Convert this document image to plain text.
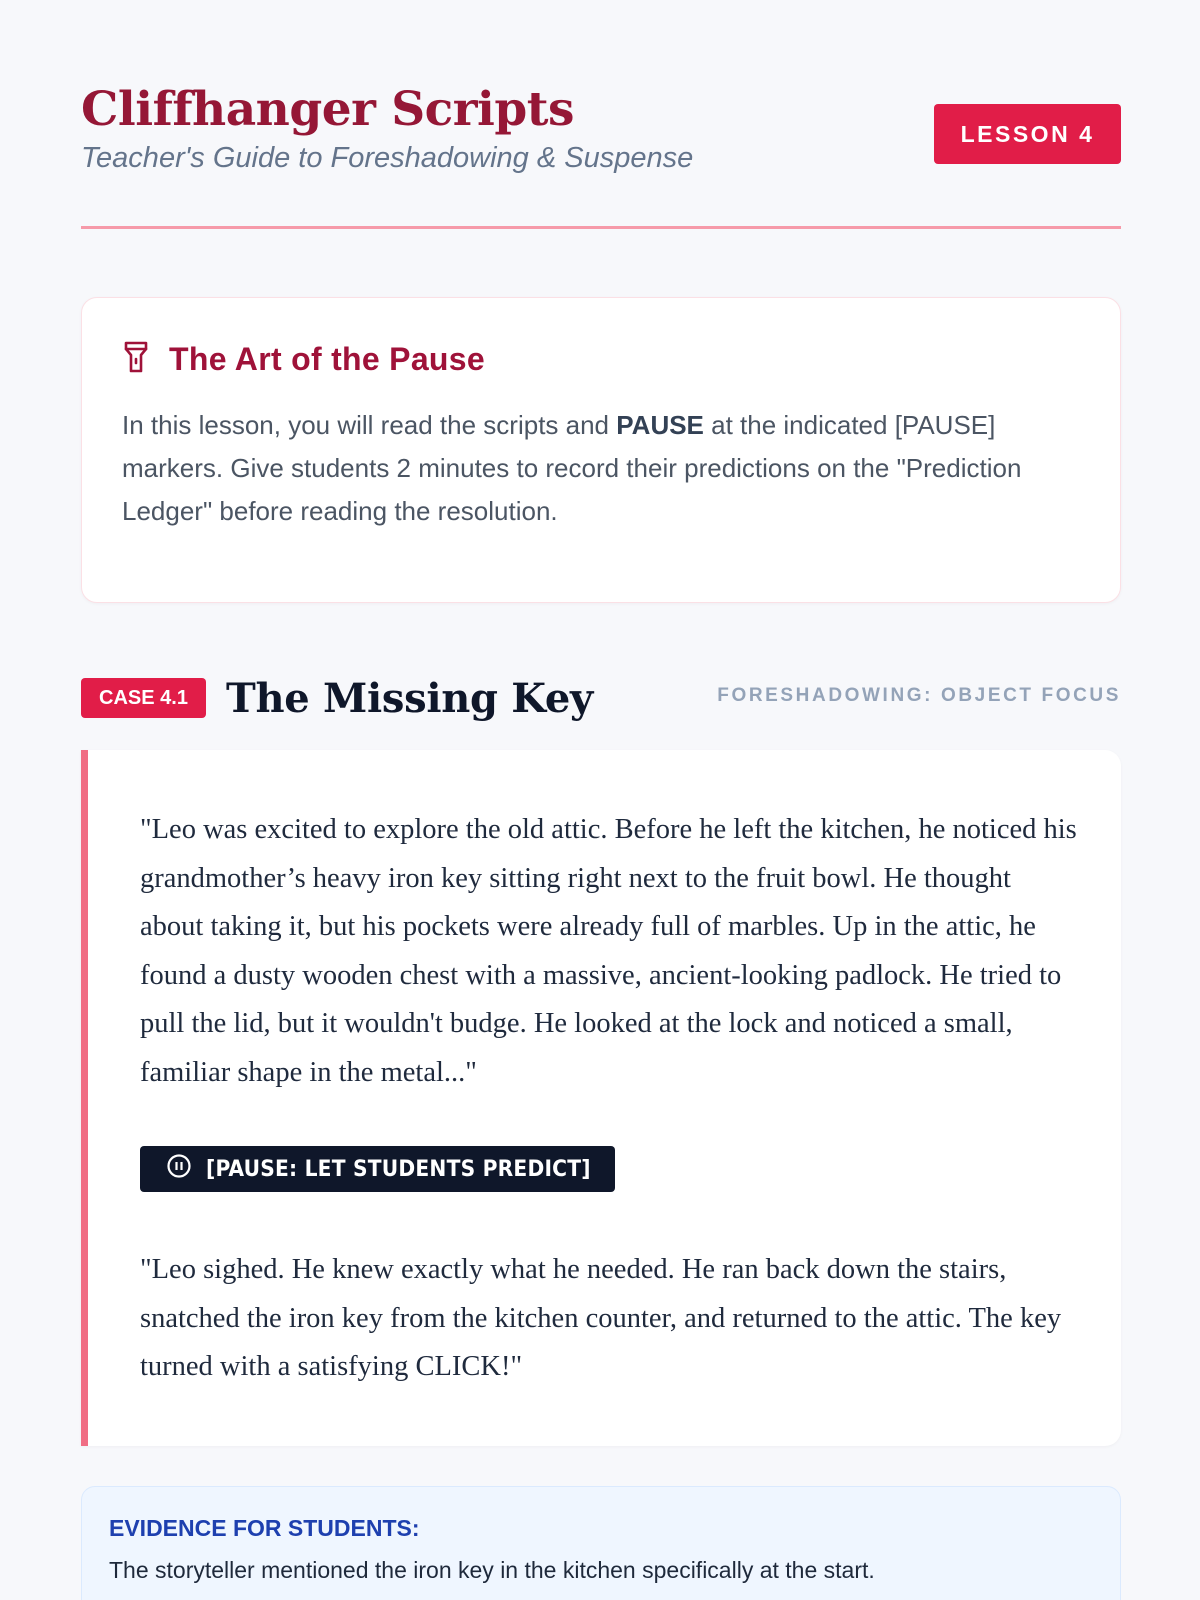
Cliffhanger Scripts
Teacher's Guide to Foreshadowing & Suspense
LESSON 4
The Art of the Pause

In this lesson, you will read the scripts and PAUSE at the indicated [PAUSE] markers. Give students 2 minutes to record their predictions on the "Prediction Ledger" before reading the resolution.

CASE 4.1 The Missing Key	FORESHADOWING: OBJECT FOCUS

"Leo was excited to explore the old attic. Before he left the kitchen, he noticed his grandmother’s heavy iron key sitting right next to the fruit bowl. He thought about taking it, but his pockets were already full of marbles. Up in the attic, he found a dusty wooden chest with a massive, ancient-looking padlock. He tried to pull the lid, but it wouldn't budge. He looked at the lock and noticed a small, familiar shape in the metal..."

[PAUSE: LET STUDENTS PREDICT]

"Leo sighed. He knew exactly what he needed. He ran back down the stairs, snatched the iron key from the kitchen counter, and returned to the attic. The key turned with a satisfying CLICK!"

EVIDENCE FOR STUDENTS:
The storyteller mentioned the iron key in the kitchen specifically at the start.
